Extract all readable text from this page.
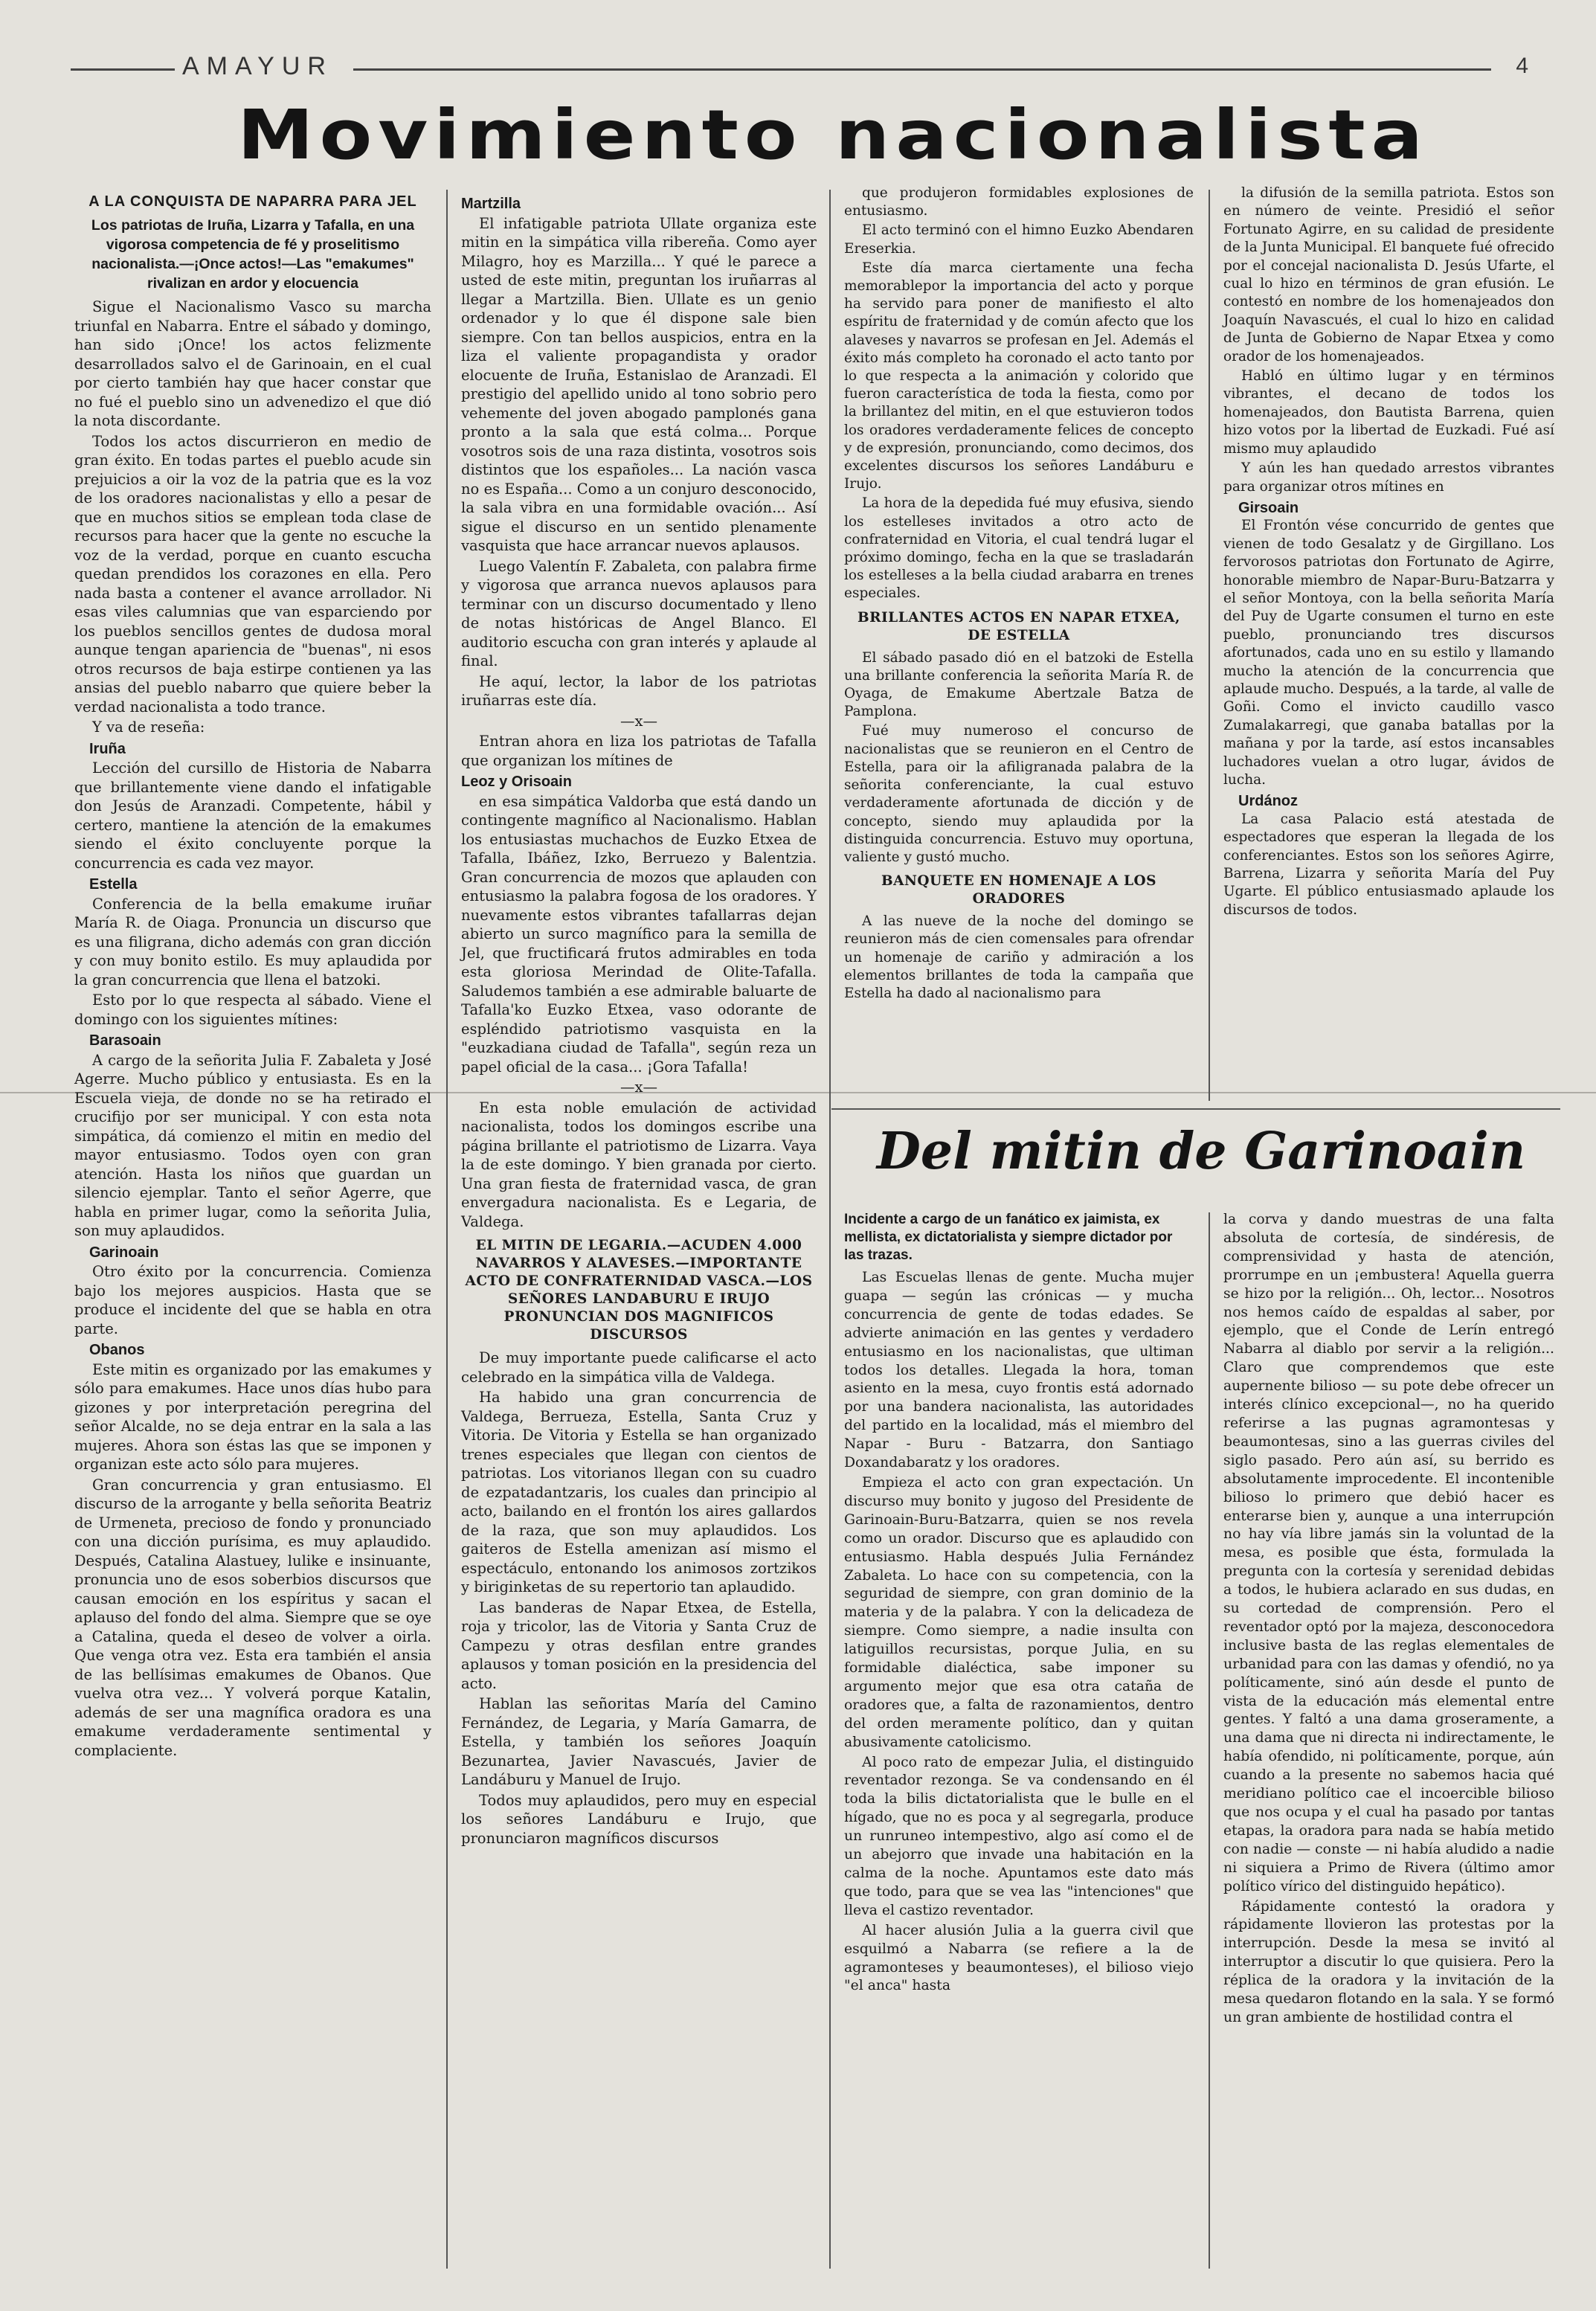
AMAYUR	4
Movimiento nacionalista
A LA CONQUISTA DE NAPARRA PARA JEL
Los patriotas de Iruña, Lizarra y Tafalla, en una vigorosa competencia de fé y proselitismo nacionalista.—¡Once actos!—Las "emakumes" rivalizan en ardor y elocuencia

Sigue el Nacionalismo Vasco su marcha triunfal en Nabarra. Entre el sábado y domingo, han sido ¡Once! los actos felizmente desarrollados salvo el de Garinoain, en el cual por cierto también hay que hacer constar que no fué el pueblo sino un advenedizo el que dió la nota discordante.

Todos los actos discurrieron en medio de gran éxito. En todas partes el pueblo acude sin prejuicios a oir la voz de la patria que es la voz de los oradores nacionalistas y ello a pesar de que en muchos sitios se emplean toda clase de recursos para hacer que la gente no escuche la voz de la verdad, porque en cuanto escucha quedan prendidos los corazones en ella. Pero nada basta a contener el avance arrollador. Ni esas viles calumnias que van esparciendo por los pueblos sencillos gentes de dudosa moral aunque tengan apariencia de "buenas", ni esos otros recursos de baja estirpe contienen ya las ansias del pueblo nabarro que quiere beber la verdad nacionalista a todo trance.

Y va de reseña:

Iruña

Lección del cursillo de Historia de Nabarra que brillantemente viene dando el infatigable don Jesús de Aranzadi. Competente, hábil y certero, mantiene la atención de la emakumes siendo el éxito concluyente porque la concurrencia es cada vez mayor.

Estella

Conferencia de la bella emakume iruñar María R. de Oiaga. Pronuncia un discurso que es una filigrana, dicho además con gran dicción y con muy bonito estilo. Es muy aplaudida por la gran concurrencia que llena el batzoki.

Esto por lo que respecta al sábado. Viene el domingo con los siguientes mítines:

Barasoain

A cargo de la señorita Julia F. Zabaleta y José Agerre. Mucho público y entusiasta. Es en la Escuela vieja, de donde no se ha retirado el crucifijo por ser municipal. Y con esta nota simpática, dá comienzo el mitin en medio del mayor entusiasmo. Todos oyen con gran atención. Hasta los niños que guardan un silencio ejemplar. Tanto el señor Agerre, que habla en primer lugar, como la señorita Julia, son muy aplaudidos.

Garinoain

Otro éxito por la concurrencia. Comienza bajo los mejores auspicios. Hasta que se produce el incidente del que se habla en otra parte.

Obanos

Este mitin es organizado por las emakumes y sólo para emakumes. Hace unos días hubo para gizones y por interpretación peregrina del señor Alcalde, no se deja entrar en la sala a las mujeres. Ahora son éstas las que se imponen y organizan este acto sólo para mujeres.

Gran concurrencia y gran entusiasmo. El discurso de la arrogante y bella señorita Beatriz de Urmeneta, precioso de fondo y pronunciado con una dicción purísima, es muy aplaudido. Después, Catalina Alastuey, lulike e insinuante, pronuncia uno de esos soberbios discursos que causan emoción en los espíritus y sacan el aplauso del fondo del alma. Siempre que se oye a Catalina, queda el deseo de volver a oirla. Que venga otra vez. Esta era también el ansia de las bellísimas emakumes de Obanos. Que vuelva otra vez... Y volverá porque Katalin, además de ser una magnífica oradora es una emakume verdaderamente sentimental y complaciente.

Martzilla

El infatigable patriota Ullate organiza este mitin en la simpática villa ribereña. Como ayer Milagro, hoy es Marzilla... Y qué le parece a usted de este mitin, preguntan los iruñarras al llegar a Martzilla. Bien. Ullate es un genio ordenador y lo que él dispone sale bien siempre. Con tan bellos auspicios, entra en la liza el valiente propagandista y orador elocuente de Iruña, Estanislao de Aranzadi. El prestigio del apellido unido al tono sobrio pero vehemente del joven abogado pamplonés gana pronto a la sala que está colma... Porque vosotros sois de una raza distinta, vosotros sois distintos que los españoles... La nación vasca no es España... Como a un conjuro desconocido, la sala vibra en una formidable ovación... Así sigue el discurso en un sentido plenamente vasquista que hace arrancar nuevos aplausos.

Luego Valentín F. Zabaleta, con palabra firme y vigorosa que arranca nuevos aplausos para terminar con un discurso documentado y lleno de notas históricas de Angel Blanco. El auditorio escucha con gran interés y aplaude al final.

He aquí, lector, la labor de los patriotas iruñarras este día.

—x—

Entran ahora en liza los patriotas de Tafalla que organizan los mítines de

Leoz y Orisoain

en esa simpática Valdorba que está dando un contingente magnífico al Nacionalismo. Hablan los entusiastas muchachos de Euzko Etxea de Tafalla, Ibáñez, Izko, Berruezo y Balentzia. Gran concurrencia de mozos que aplauden con entusiasmo la palabra fogosa de los oradores. Y nuevamente estos vibrantes tafallarras dejan abierto un surco magnífico para la semilla de Jel, que fructificará frutos admirables en toda esta gloriosa Merindad de Olite-Tafalla. Saludemos también a ese admirable baluarte de Tafalla'ko Euzko Etxea, vaso odorante de espléndido patriotismo vasquista en la "euzkadiana ciudad de Tafalla", según reza un papel oficial de la casa... ¡Gora Tafalla!

—x—

En esta noble emulación de actividad nacionalista, todos los domingos escribe una página brillante el patriotismo de Lizarra. Vaya la de este domingo. Y bien granada por cierto. Una gran fiesta de fraternidad vasca, de gran envergadura nacionalista. Es e Legaria, de Valdega.

EL MITIN DE LEGARIA.—ACUDEN 4.000 NAVARROS Y ALAVESES.—IMPORTANTE ACTO DE CONFRATERNIDAD VASCA.—LOS SEÑORES LANDABURU E IRUJO PRONUNCIAN DOS MAGNIFICOS DISCURSOS

De muy importante puede calificarse el acto celebrado en la simpática villa de Valdega.

Ha habido una gran concurrencia de Valdega, Berrueza, Estella, Santa Cruz y Vitoria. De Vitoria y Estella se han organizado trenes especiales que llegan con cientos de patriotas. Los vitorianos llegan con su cuadro de ezpatadantzaris, los cuales dan principio al acto, bailando en el frontón los aires gallardos de la raza, que son muy aplaudidos. Los gaiteros de Estella amenizan así mismo el espectáculo, entonando los animosos zortzikos y biriginketas de su repertorio tan aplaudido.

Las banderas de Napar Etxea, de Estella, roja y tricolor, las de Vitoria y Santa Cruz de Campezu y otras desfilan entre grandes aplausos y toman posición en la presidencia del acto.

Hablan las señoritas María del Camino Fernández, de Legaria, y María Gamarra, de Estella, y también los señores Joaquín Bezunartea, Javier Navascués, Javier de Landáburu y Manuel de Irujo.

Todos muy aplaudidos, pero muy en especial los señores Landáburu e Irujo, que pronunciaron magníficos discursos

que produjeron formidables explosiones de entusiasmo.

El acto terminó con el himno Euzko Abendaren Ereserkia.

Este día marca ciertamente una fecha memorablepor la importancia del acto y porque ha servido para poner de manifiesto el alto espíritu de fraternidad y de común afecto que los alaveses y navarros se profesan en Jel. Además el éxito más completo ha coronado el acto tanto por lo que respecta a la animación y colorido que fueron característica de toda la fiesta, como por la brillantez del mitin, en el que estuvieron todos los oradores verdaderamente felices de concepto y de expresión, pronunciando, como decimos, dos excelentes discursos los señores Landáburu e Irujo.

La hora de la depedida fué muy efusiva, siendo los estelleses invitados a otro acto de confraternidad en Vitoria, el cual tendrá lugar el próximo domingo, fecha en la que se trasladarán los estelleses a la bella ciudad arabarra en trenes especiales.

BRILLANTES ACTOS EN NAPAR ETXEA, DE ESTELLA

El sábado pasado dió en el batzoki de Estella una brillante conferencia la señorita María R. de Oyaga, de Emakume Abertzale Batza de Pamplona.

Fué muy numeroso el concurso de nacionalistas que se reunieron en el Centro de Estella, para oir la afiligranada palabra de la señorita conferenciante, la cual estuvo verdaderamente afortunada de dicción y de concepto, siendo muy aplaudida por la distinguida concurrencia. Estuvo muy oportuna, valiente y gustó mucho.

BANQUETE EN HOMENAJE A LOS ORADORES

A las nueve de la noche del domingo se reunieron más de cien comensales para ofrendar un homenaje de cariño y admiración a los elementos brillantes de toda la campaña que Estella ha dado al nacionalismo para

la difusión de la semilla patriota. Estos son en número de veinte. Presidió el señor Fortunato Agirre, en su calidad de presidente de la Junta Municipal. El banquete fué ofrecido por el concejal nacionalista D. Jesús Ufarte, el cual lo hizo en términos de gran efusión. Le contestó en nombre de los homenajeados don Joaquín Navascués, el cual lo hizo en calidad de Junta de Gobierno de Napar Etxea y como orador de los homenajeados.

Habló en último lugar y en términos vibrantes, el decano de todos los homenajeados, don Bautista Barrena, quien hizo votos por la libertad de Euzkadi. Fué así mismo muy aplaudido

Y aún les han quedado arrestos vibrantes para organizar otros mítines en

Girsoain

El Frontón vése concurrido de gentes que vienen de todo Gesalatz y de Girgillano. Los fervorosos patriotas don Fortunato de Agirre, honorable miembro de Napar-Buru-Batzarra y el señor Montoya, con la bella señorita María del Puy de Ugarte consumen el turno en este pueblo, pronunciando tres discursos afortunados, cada uno en su estilo y llamando mucho la atención de la concurrencia que aplaude mucho. Después, a la tarde, al valle de Goñi. Como el invicto caudillo vasco Zumalakarregi, que ganaba batallas por la mañana y por la tarde, así estos incansables luchadores vuelan a otro lugar, ávidos de lucha.

Urdánoz

La casa Palacio está atestada de espectadores que esperan la llegada de los conferenciantes. Estos son los señores Agirre, Barrena, Lizarra y señorita María del Puy Ugarte. El público entusiasmado aplaude los discursos de todos.

Del mitin de Garinoain
Incidente a cargo de un fanático ex jaimista, ex mellista, ex dictatorialista y siempre dictador por las trazas.

Las Escuelas llenas de gente. Mucha mujer guapa — según las crónicas — y mucha concurrencia de gente de todas edades. Se advierte animación en las gentes y verdadero entusiasmo en los nacionalistas, que ultiman todos los detalles. Llegada la hora, toman asiento en la mesa, cuyo frontis está adornado por una bandera nacionalista, las autoridades del partido en la localidad, más el miembro del Napar - Buru - Batzarra, don Santiago Doxandabaratz y los oradores.

Empieza el acto con gran expectación. Un discurso muy bonito y jugoso del Presidente de Garinoain-Buru-Batzarra, quien se nos revela como un orador. Discurso que es aplaudido con entusiasmo. Habla después Julia Fernández Zabaleta. Lo hace con su competencia, con la seguridad de siempre, con gran dominio de la materia y de la palabra. Y con la delicadeza de siempre. Como siempre, a nadie insulta con latiguillos recursistas, porque Julia, en su formidable dialéctica, sabe imponer su argumento mejor que esa otra cataña de oradores que, a falta de razonamientos, dentro del orden meramente político, dan y quitan abusivamente catolicismo.

Al poco rato de empezar Julia, el distinguido reventador rezonga. Se va condensando en él toda la bilis dictatorialista que le bulle en el hígado, que no es poca y al segregarla, produce un runruneo intempestivo, algo así como el de un abejorro que invade una habitación en la calma de la noche. Apuntamos este dato más que todo, para que se vea las "intenciones" que lleva el castizo reventador.

Al hacer alusión Julia a la guerra civil que esquilmó a Nabarra (se refiere a la de agramonteses y beaumonteses), el bilioso viejo "el anca" hasta

la corva y dando muestras de una falta absoluta de cortesía, de sindéresis, de comprensividad y hasta de atención, prorrumpe en un ¡embustera! Aquella guerra se hizo por la religión... Oh, lector... Nosotros nos hemos caído de espaldas al saber, por ejemplo, que el Conde de Lerín entregó Nabarra al diablo por servir a la religión... Claro que comprendemos que este aupernente bilioso — su pote debe ofrecer un interés clínico excepcional—, no ha querido referirse a las pugnas agramontesas y beaumontesas, sino a las guerras civiles del siglo pasado. Pero aún así, su berrido es absolutamente improcedente. El incontenible bilioso lo primero que debió hacer es enterarse bien y, aunque a una interrupción no hay vía libre jamás sin la voluntad de la mesa, es posible que ésta, formulada la pregunta con la cortesía y serenidad debidas a todos, le hubiera aclarado en sus dudas, en su cortedad de comprensión. Pero el reventador optó por la majeza, desconocedora inclusive basta de las reglas elementales de urbanidad para con las damas y ofendió, no ya políticamente, sinó aún desde el punto de vista de la educación más elemental entre gentes. Y faltó a una dama groseramente, a una dama que ni directa ni indirectamente, le había ofendido, ni políticamente, porque, aún cuando a la presente no sabemos hacia qué meridiano político cae el incoercible bilioso que nos ocupa y el cual ha pasado por tantas etapas, la oradora para nada se había metido con nadie — conste — ni había aludido a nadie ni siquiera a Primo de Rivera (último amor político vírico del distinguido hepático).

Rápidamente contestó la oradora y rápidamente llovieron las protestas por la interrupción. Desde la mesa se invitó al interruptor a discutir lo que quisiera. Pero la réplica de la oradora y la invitación de la mesa quedaron flotando en la sala. Y se formó un gran ambiente de hostilidad contra el
